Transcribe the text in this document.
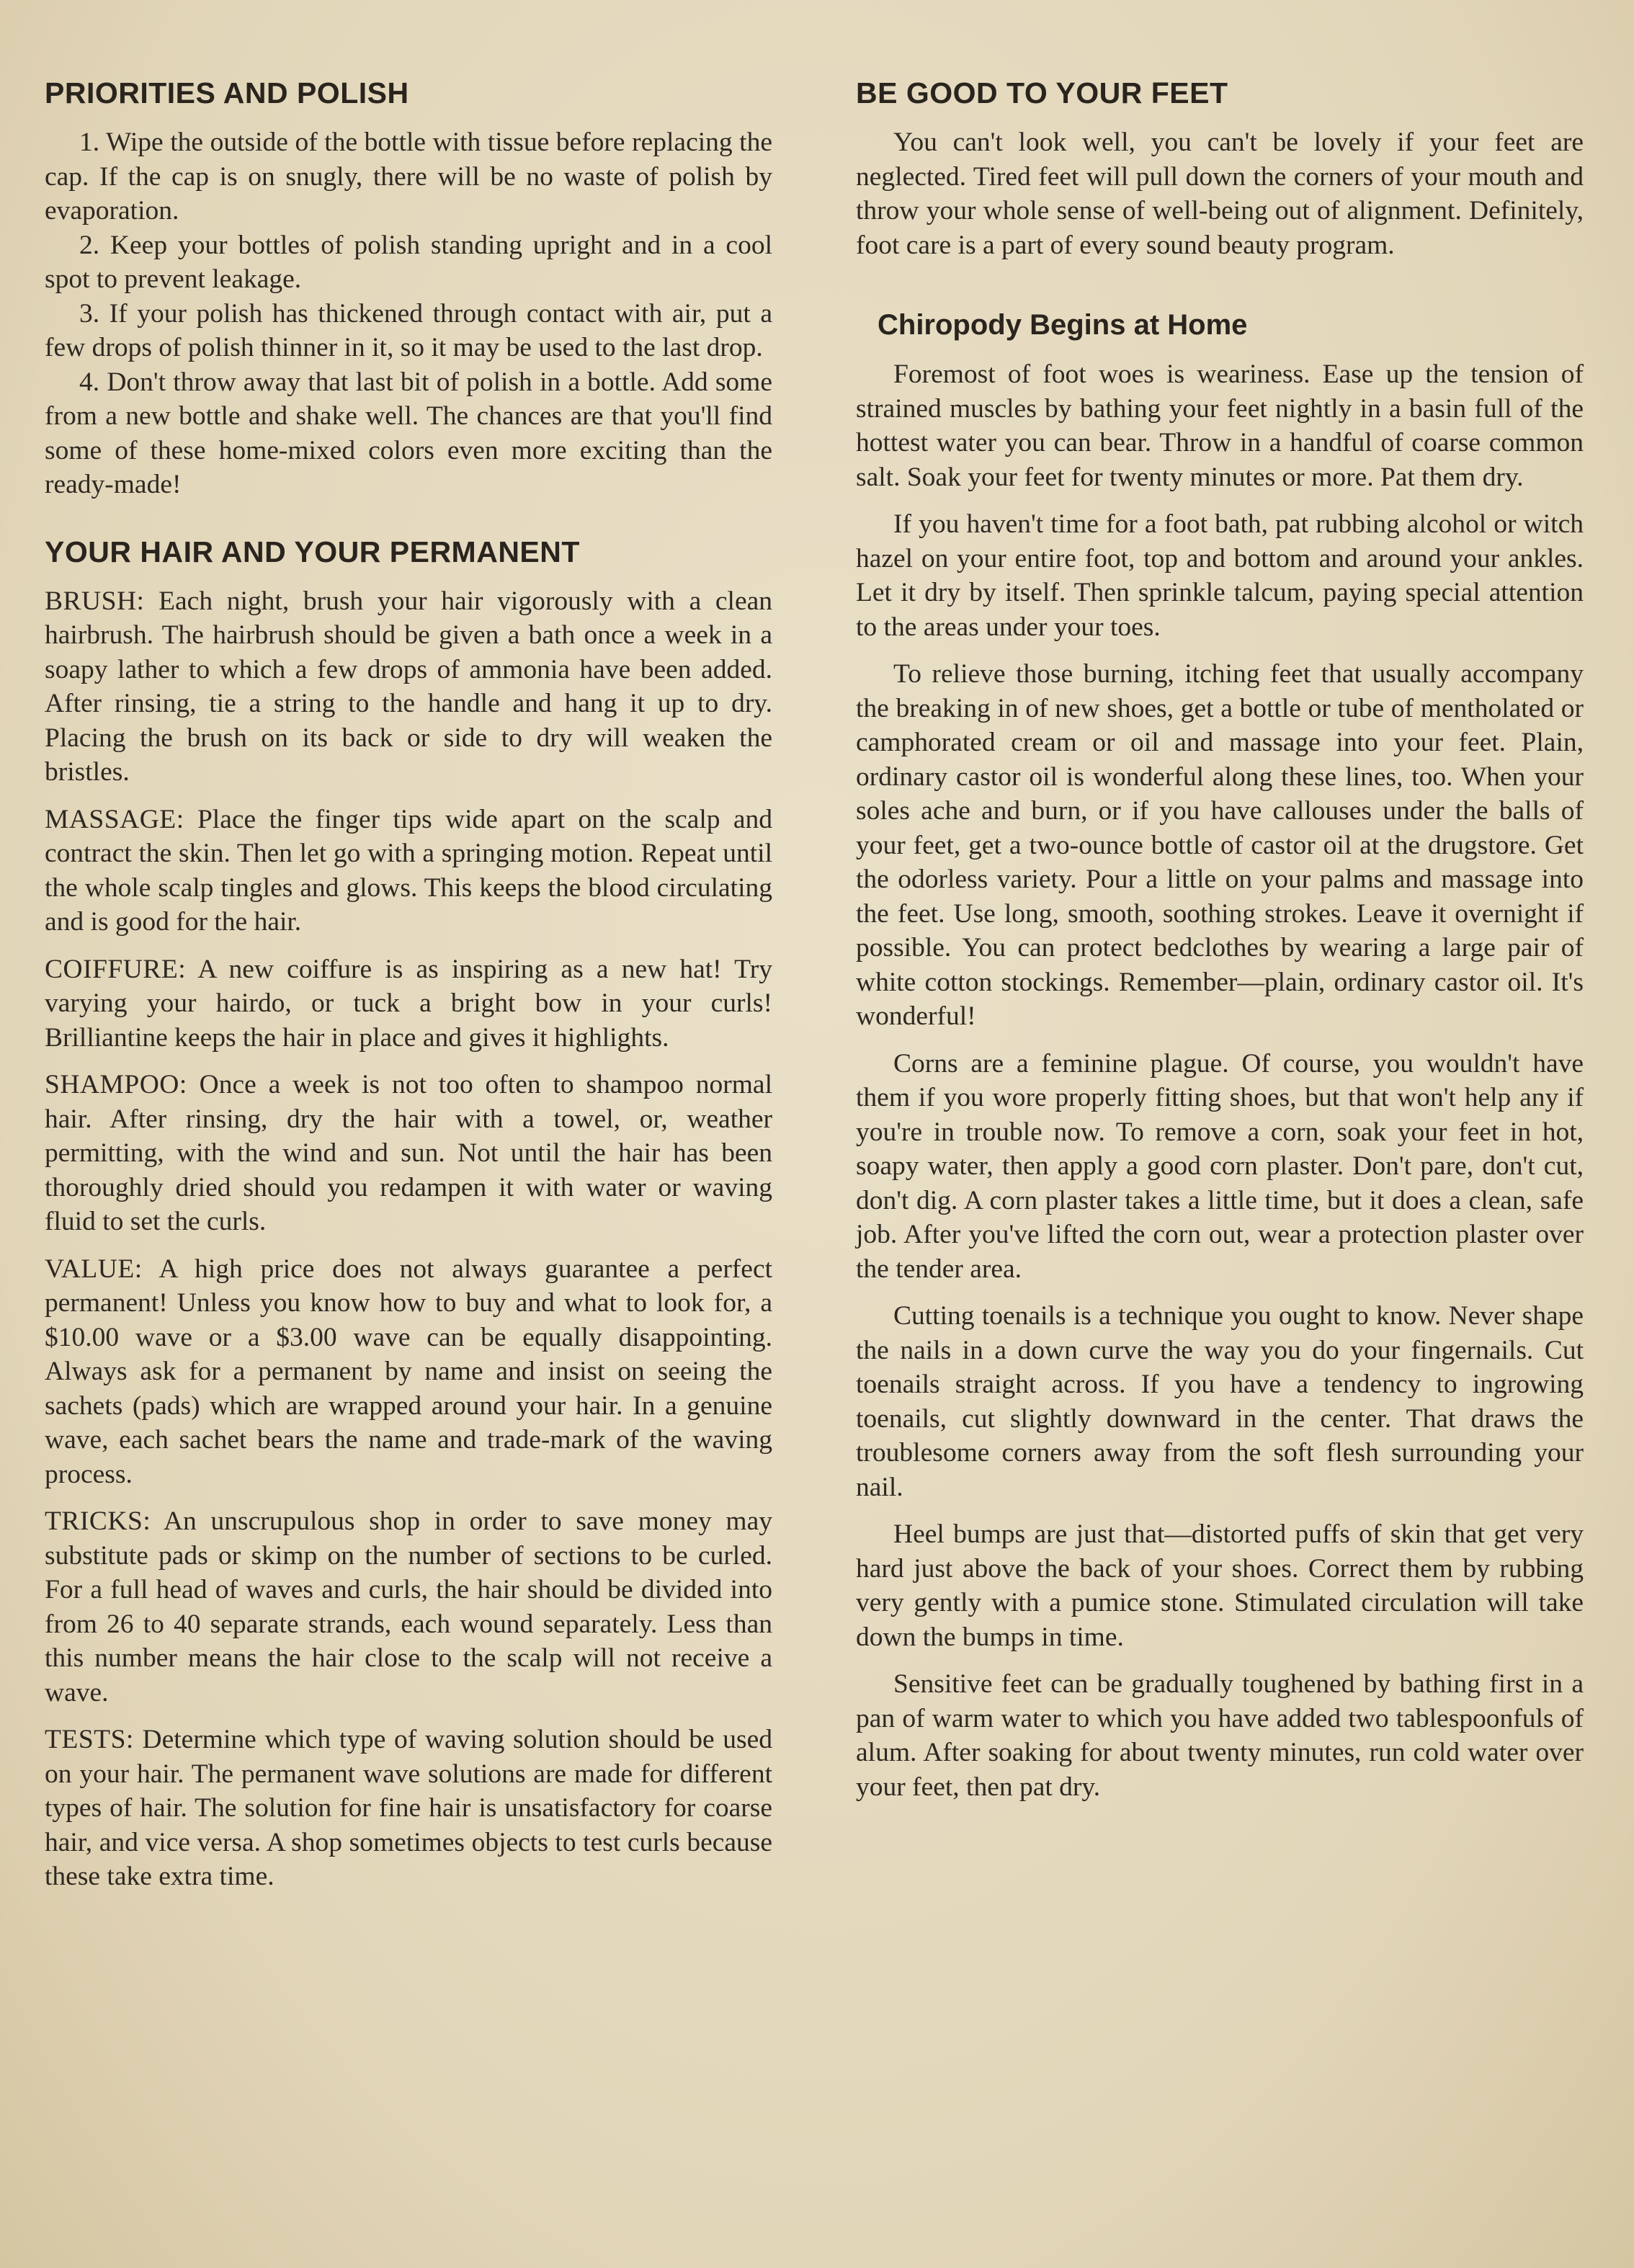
PRIORITIES AND POLISH

1. Wipe the outside of the bottle with tissue before replacing the cap. If the cap is on snugly, there will be no waste of polish by evaporation.

2. Keep your bottles of polish standing upright and in a cool spot to prevent leakage.

3. If your polish has thickened through contact with air, put a few drops of polish thinner in it, so it may be used to the last drop.

4. Don't throw away that last bit of polish in a bottle. Add some from a new bottle and shake well. The chances are that you'll find some of these home-mixed colors even more exciting than the ready-made!

YOUR HAIR AND YOUR PERMANENT

BRUSH: Each night, brush your hair vigorously with a clean hairbrush. The hairbrush should be given a bath once a week in a soapy lather to which a few drops of ammonia have been added. After rinsing, tie a string to the handle and hang it up to dry. Placing the brush on its back or side to dry will weaken the bristles.

MASSAGE: Place the finger tips wide apart on the scalp and contract the skin. Then let go with a springing motion. Repeat until the whole scalp tingles and glows. This keeps the blood circulating and is good for the hair.

COIFFURE: A new coiffure is as inspiring as a new hat! Try varying your hairdo, or tuck a bright bow in your curls! Brilliantine keeps the hair in place and gives it highlights.

SHAMPOO: Once a week is not too often to shampoo normal hair. After rinsing, dry the hair with a towel, or, weather permitting, with the wind and sun. Not until the hair has been thoroughly dried should you redampen it with water or waving fluid to set the curls.

VALUE: A high price does not always guarantee a perfect permanent! Unless you know how to buy and what to look for, a $10.00 wave or a $3.00 wave can be equally disappointing. Always ask for a permanent by name and insist on seeing the sachets (pads) which are wrapped around your hair. In a genuine wave, each sachet bears the name and trade-mark of the waving process.

TRICKS: An unscrupulous shop in order to save money may substitute pads or skimp on the number of sections to be curled. For a full head of waves and curls, the hair should be divided into from 26 to 40 separate strands, each wound separately. Less than this number means the hair close to the scalp will not receive a wave.

TESTS: Determine which type of waving solution should be used on your hair. The permanent wave solutions are made for different types of hair. The solution for fine hair is unsatisfactory for coarse hair, and vice versa. A shop sometimes objects to test curls because these take extra time.

BE GOOD TO YOUR FEET

You can't look well, you can't be lovely if your feet are neglected. Tired feet will pull down the corners of your mouth and throw your whole sense of well-being out of alignment. Definitely, foot care is a part of every sound beauty program.

Chiropody Begins at Home

Foremost of foot woes is weariness. Ease up the tension of strained muscles by bathing your feet nightly in a basin full of the hottest water you can bear. Throw in a handful of coarse common salt. Soak your feet for twenty minutes or more. Pat them dry.

If you haven't time for a foot bath, pat rubbing alcohol or witch hazel on your entire foot, top and bottom and around your ankles. Let it dry by itself. Then sprinkle talcum, paying special attention to the areas under your toes.

To relieve those burning, itching feet that usually accompany the breaking in of new shoes, get a bottle or tube of mentholated or camphorated cream or oil and massage into your feet. Plain, ordinary castor oil is wonderful along these lines, too. When your soles ache and burn, or if you have callouses under the balls of your feet, get a two-ounce bottle of castor oil at the drugstore. Get the odorless variety. Pour a little on your palms and massage into the feet. Use long, smooth, soothing strokes. Leave it overnight if possible. You can protect bedclothes by wearing a large pair of white cotton stockings. Remember—plain, ordinary castor oil. It's wonderful!

Corns are a feminine plague. Of course, you wouldn't have them if you wore properly fitting shoes, but that won't help any if you're in trouble now. To remove a corn, soak your feet in hot, soapy water, then apply a good corn plaster. Don't pare, don't cut, don't dig. A corn plaster takes a little time, but it does a clean, safe job. After you've lifted the corn out, wear a protection plaster over the tender area.

Cutting toenails is a technique you ought to know. Never shape the nails in a down curve the way you do your fingernails. Cut toenails straight across. If you have a tendency to ingrowing toenails, cut slightly downward in the center. That draws the troublesome corners away from the soft flesh surrounding your nail.

Heel bumps are just that—distorted puffs of skin that get very hard just above the back of your shoes. Correct them by rubbing very gently with a pumice stone. Stimulated circulation will take down the bumps in time.

Sensitive feet can be gradually toughened by bathing first in a pan of warm water to which you have added two tablespoonfuls of alum. After soaking for about twenty minutes, run cold water over your feet, then pat dry.
